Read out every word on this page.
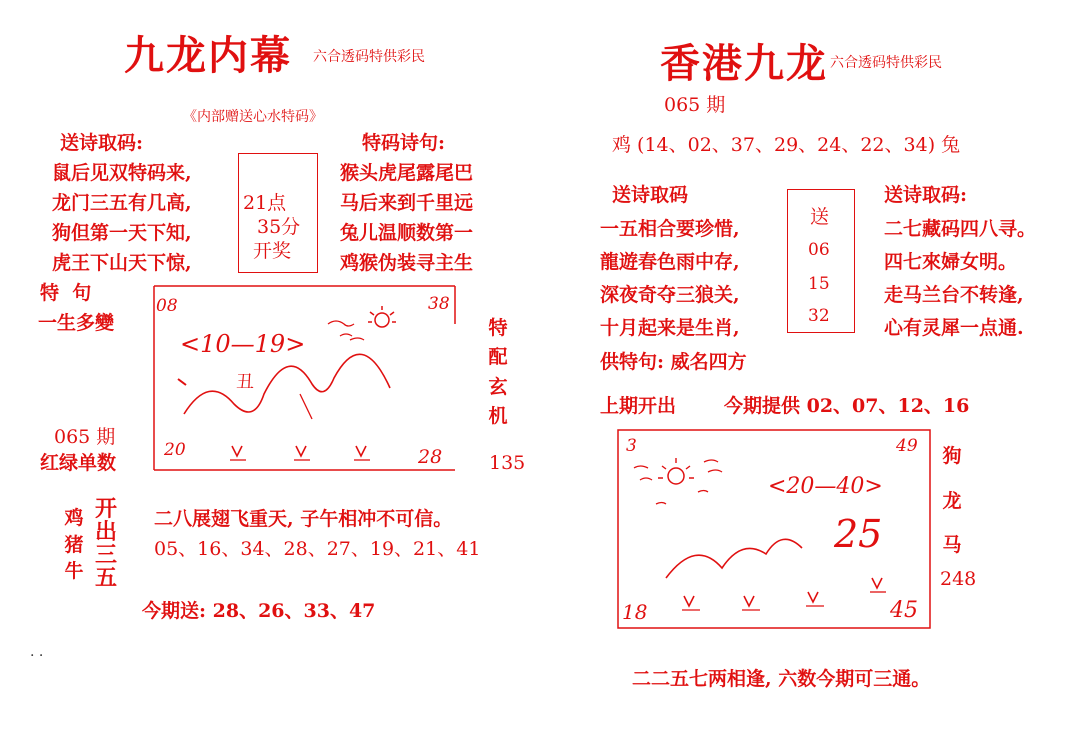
九龙内幕 六合透码特供彩民
《内部赠送心水特码》
送诗取码:
鼠后见双特码来,
龙门三五有几高,
狗但第一天下知,
虎王下山天下惊,
21点
35分
开奖
特码诗句:
猴头虎尾露尾巴
马后来到千里远
兔儿温顺数第一
鸡猴伪装寻主生
特  句
一生多變
08	38
<10—19>
丑
20	28
特
配
玄
机
135
065 期
红绿单数
鸡
猪
牛
开
出
三
五
二八展翅飞重天, 子午相冲不可信。
05、16、34、28、27、19、21、41
今期送: 28、26、33、47
. .
香港九龙 六合透码特供彩民
065 期
鸡 (14、02、37、29、24、22、34) 兔
送诗取码
一五相合要珍惜,
龍遊春色雨中存,
深夜奇夺三狼关,
十月起来是生肖,
送
06
15
32
送诗取码:
二七藏码四八寻。
四七來婦女明。
走马兰台不转逢,
心有灵犀一点通.
供特句: 威名四方
上期开出	今期提供 02、07、12、16
3	49
<20—40>
25
18	45
狗
龙
马
248
二二五七两相逢, 六数今期可三通。
